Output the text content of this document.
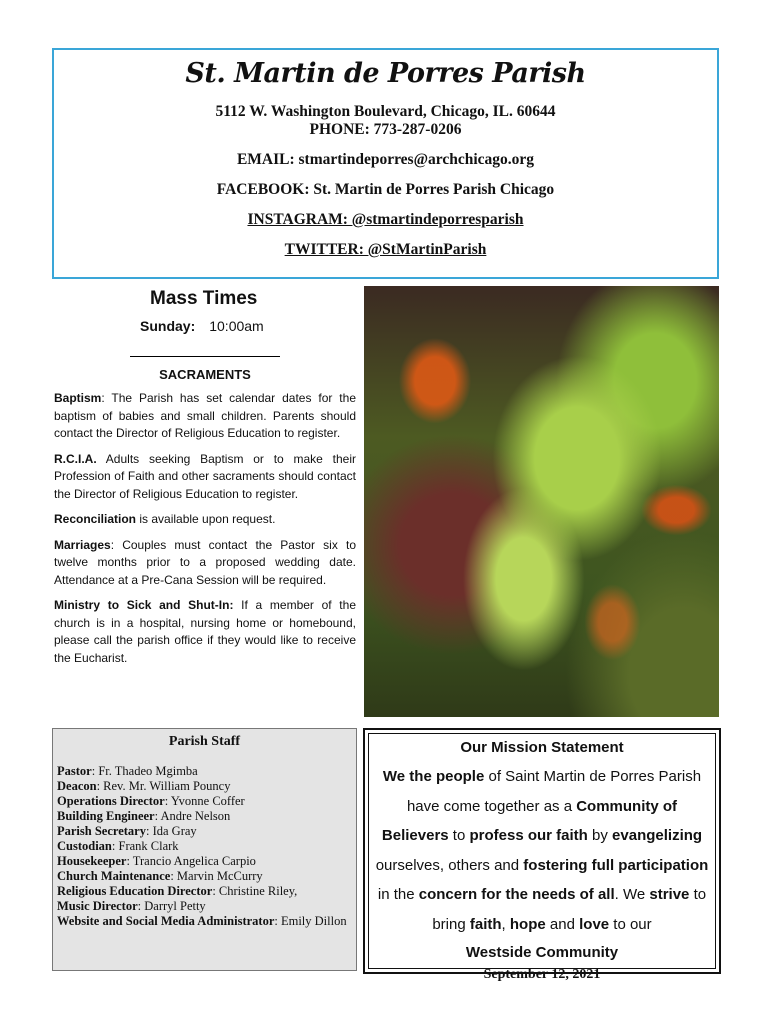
St. Martin de Porres Parish
5112 W. Washington Boulevard, Chicago, IL. 60644
PHONE: 773-287-0206
EMAIL: stmartindeporres@archchicago.org
FACEBOOK: St. Martin de Porres Parish Chicago
INSTAGRAM: @stmartindeporresparish
TWITTER: @StMartinParish
Mass Times
Sunday: 10:00am
SACRAMENTS
Baptism: The Parish has set calendar dates for the baptism of babies and small children. Parents should contact the Director of Religious Education to register.
R.C.I.A. Adults seeking Baptism or to make their Profession of Faith and other sacraments should contact the Director of Religious Education to register.
Reconciliation is available upon request.
Marriages: Couples must contact the Pastor six to twelve months prior to a proposed wedding date. Attendance at a Pre-Cana Session will be required.
Ministry to Sick and Shut-In: If a member of the church is in a hospital, nursing home or homebound, please call the parish office if they would like to receive the Eucharist.
Parish Staff
Pastor: Fr. Thadeo Mgimba
Deacon: Rev. Mr. William Pouncy
Operations Director: Yvonne Coffer
Building Engineer: Andre Nelson
Parish Secretary: Ida Gray
Custodian: Frank Clark
Housekeeper: Trancio Angelica Carpio
Church Maintenance: Marvin McCurry
Religious Education Director: Christine Riley,
Music Director: Darryl Petty
Website and Social Media Administrator: Emily Dillon
Our Mission Statement
We the people of Saint Martin de Porres Parish have come together as a Community of Believers to profess our faith by evangelizing ourselves, others and fostering full participation in the concern for the needs of all. We strive to bring faith, hope and love to our
Westside Community
September 12, 2021
